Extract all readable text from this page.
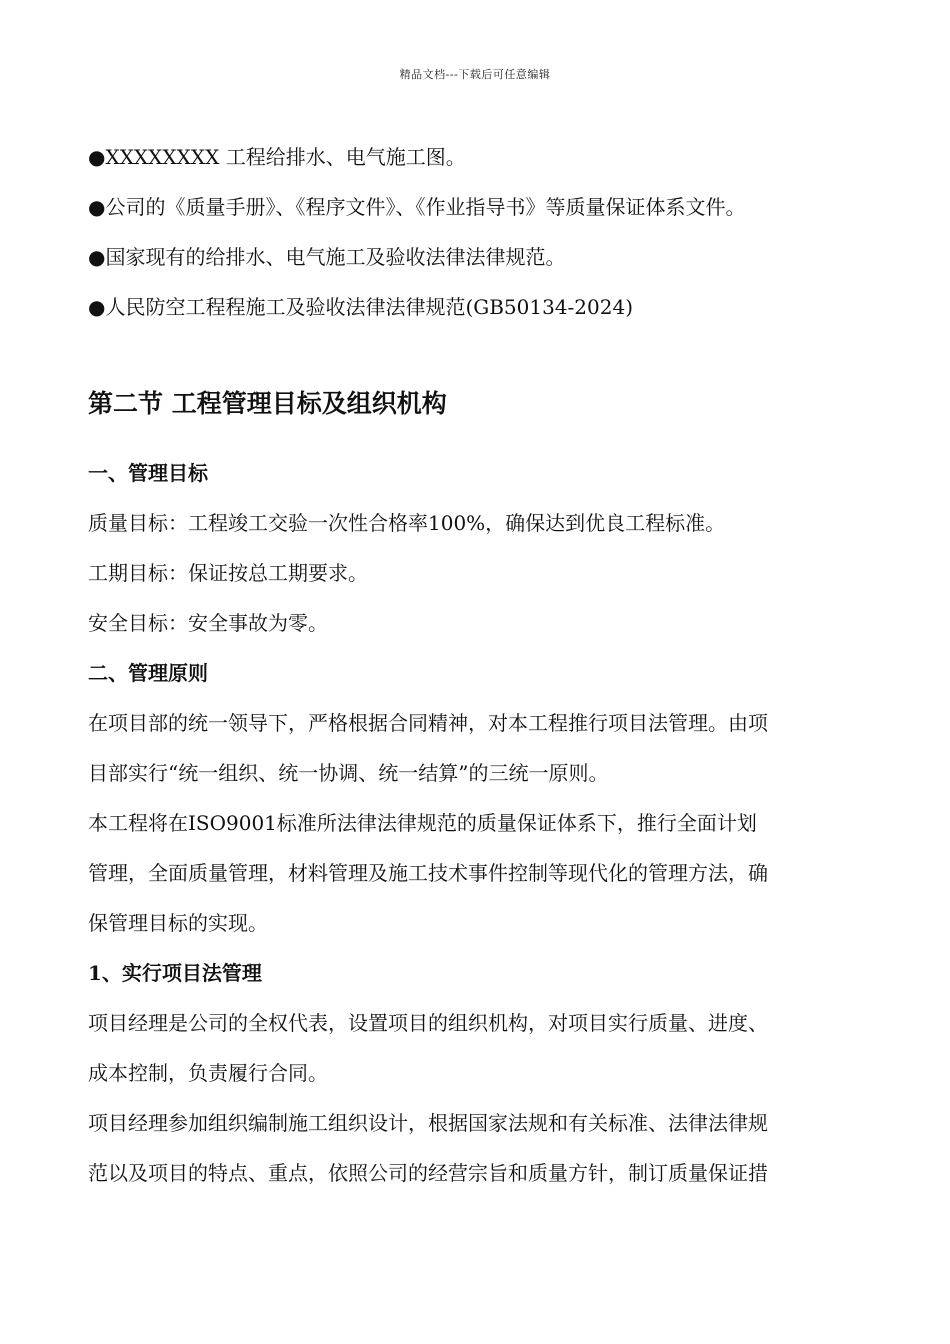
精品文档---下载后可任意编辑
●XXXXXXXX 工程给排水、电气施工图。
●公司的《质量手册》、《程序文件》、《作业指导书》等质量保证体系文件。
●国家现有的给排水、电气施工及验收法律法律规范。
●人民防空工程程施工及验收法律法律规范(GB50134-2024)
第二节 工程管理目标及组织机构
一、管理目标
质量目标：工程竣工交验一次性合格率100%，确保达到优良工程标准。
工期目标：保证按总工期要求。
安全目标：安全事故为零。
二、管理原则
在项目部的统一领导下，严格根据合同精神，对本工程推行项目法管理。由项
目部实行“统一组织、统一协调、统一结算”的三统一原则。
本工程将在ISO9001标准所法律法律规范的质量保证体系下，推行全面计划
管理，全面质量管理，材料管理及施工技术事件控制等现代化的管理方法，确
保管理目标的实现。
1、实行项目法管理
项目经理是公司的全权代表，设置项目的组织机构，对项目实行质量、进度、
成本控制，负责履行合同。
项目经理参加组织编制施工组织设计，根据国家法规和有关标准、法律法律规
范以及项目的特点、重点，依照公司的经营宗旨和质量方针，制订质量保证措
